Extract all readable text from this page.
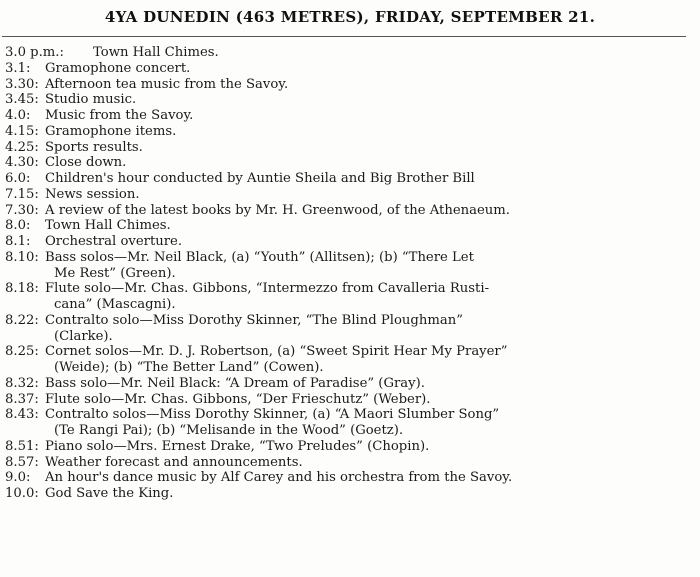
4YA DUNEDIN (463 METRES), FRIDAY, SEPTEMBER 21.
3.0 p.m.:	Town Hall Chimes.
3.1:	Gramophone concert.
3.30: Afternoon tea music from the Savoy.
3.45: Studio music.
4.0:	Music from the Savoy.
4.15: Gramophone items.
4.25: Sports results.
4.30: Close down.
6.0:	Children's hour conducted by Auntie Sheila and Big Brother Bill
7.15: News session.
7.30: A review of the latest books by Mr. H. Greenwood, of the Athenaeum.
8.0:	Town Hall Chimes.
8.1:	Orchestral overture.
8.10: Bass solos—Mr. Neil Black, (a) “Youth” (Allitsen); (b) “There Let
Me Rest” (Green).
8.18: Flute solo—Mr. Chas. Gibbons, “Intermezzo from Cavalleria Rusti-
cana” (Mascagni).
8.22: Contralto solo—Miss Dorothy Skinner, “The Blind Ploughman”
(Clarke).
8.25: Cornet solos—Mr. D. J. Robertson, (a) “Sweet Spirit Hear My Prayer”
(Weide); (b) “The Better Land” (Cowen).
8.32: Bass solo—Mr. Neil Black: “A Dream of Paradise” (Gray).
8.37: Flute solo—Mr. Chas. Gibbons, “Der Frieschutz” (Weber).
8.43: Contralto solos—Miss Dorothy Skinner, (a) “A Maori Slumber Song”
(Te Rangi Pai); (b) “Melisande in the Wood” (Goetz).
8.51: Piano solo—Mrs. Ernest Drake, “Two Preludes” (Chopin).
8.57: Weather forecast and announcements.
9.0:	An hour's dance music by Alf Carey and his orchestra from the Savoy.
10.0: God Save the King.
